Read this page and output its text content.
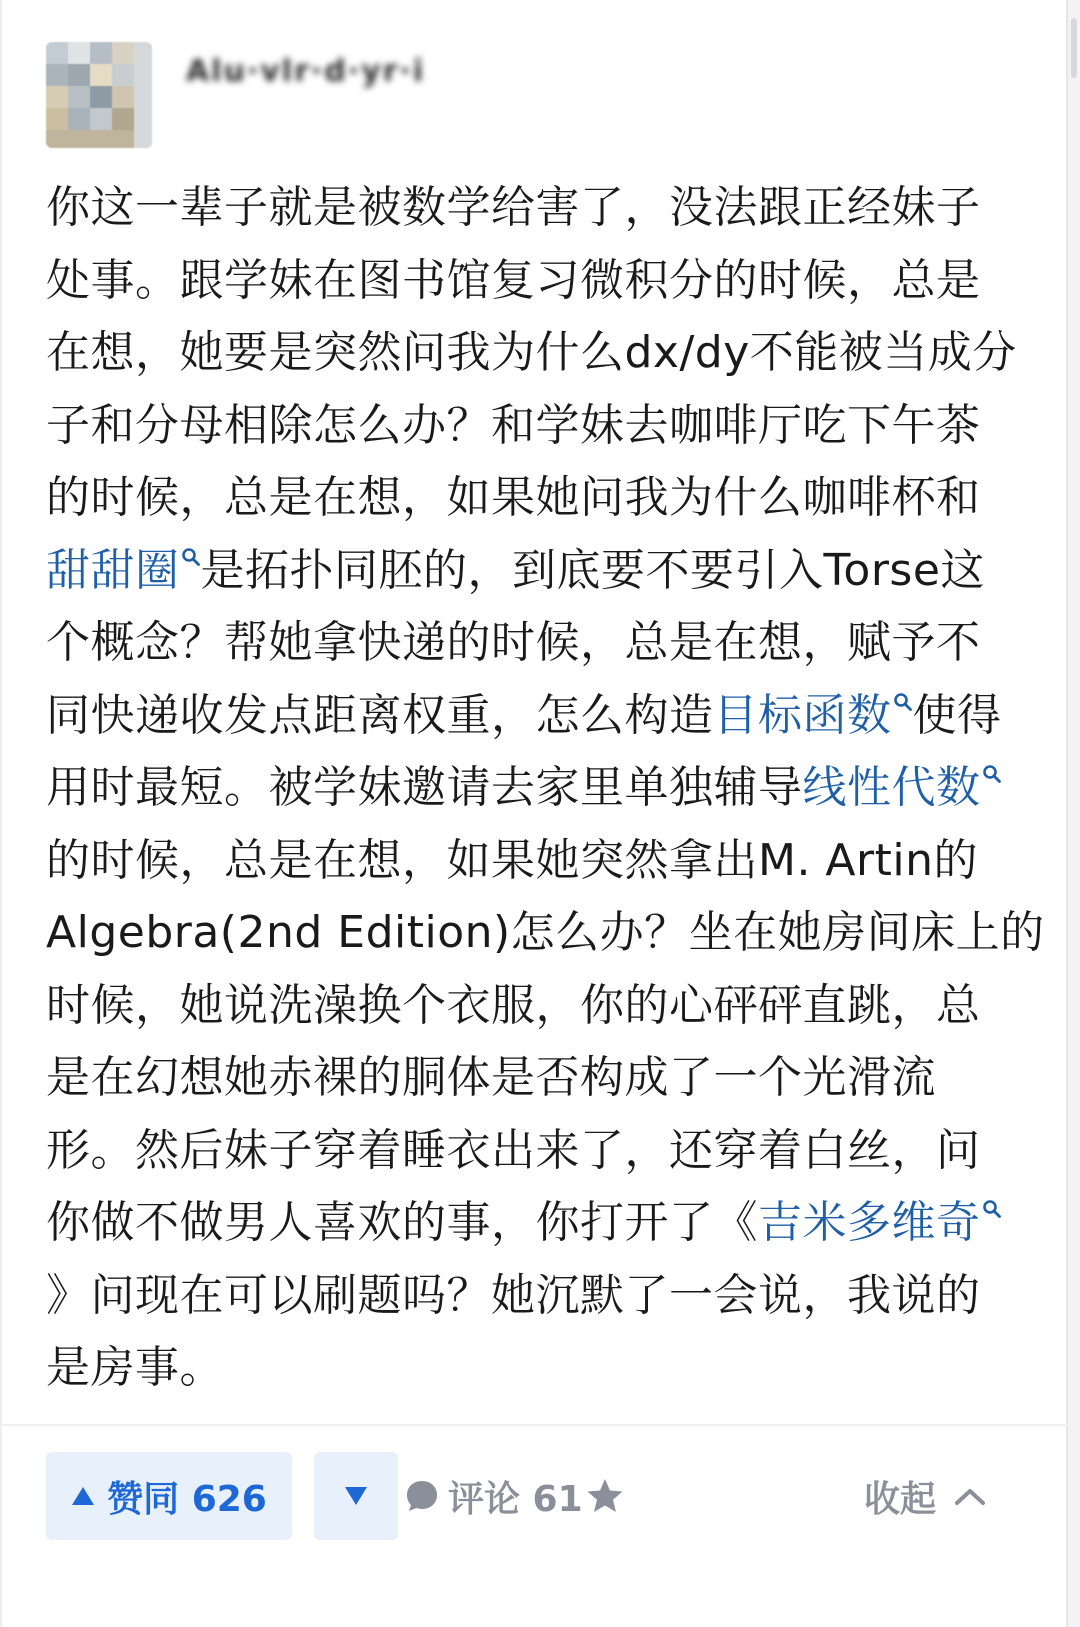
Alu·vlr·d·yr·i
你这一辈子就是被数学给害了，没法跟正经妹子
处事。跟学妹在图书馆复习微积分的时候，总是
在想，她要是突然问我为什么dx/dy不能被当成分
子和分母相除怎么办？和学妹去咖啡厅吃下午茶
的时候，总是在想，如果她问我为什么咖啡杯和
甜甜圈 是拓扑同胚的，到底要不要引入Torse这
个概念？帮她拿快递的时候，总是在想，赋予不
同快递收发点距离权重，怎么构造目标函数 使得
用时最短。被学妹邀请去家里单独辅导线性代数
的时候，总是在想，如果她突然拿出M. Artin的
Algebra(2nd Edition)怎么办？坐在她房间床上的
时候，她说洗澡换个衣服，你的心砰砰直跳，总
是在幻想她赤裸的胴体是否构成了一个光滑流
形。然后妹子穿着睡衣出来了，还穿着白丝，问
你做不做男人喜欢的事，你打开了《吉米多维奇
》问现在可以刷题吗？她沉默了一会说，我说的
是房事。
赞同 626	评论 61	收起
